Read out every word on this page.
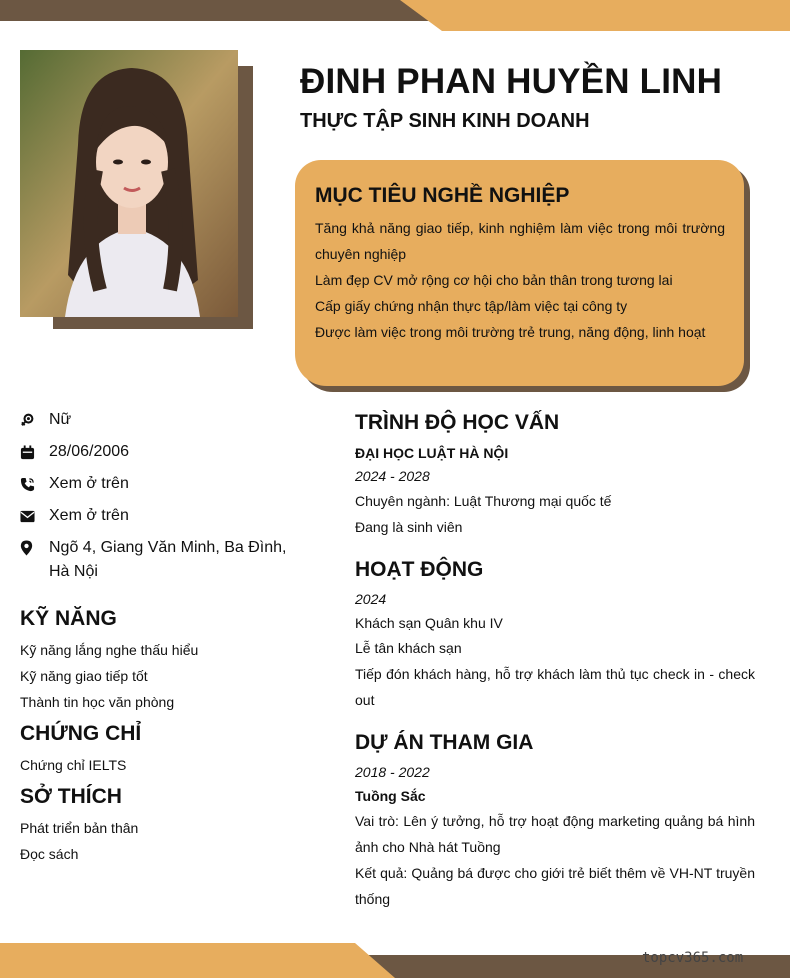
topcv365.com
ĐINH PHAN HUYỀN LINH
THỰC TẬP SINH KINH DOANH
MỤC TIÊU NGHỀ NGHIỆP
Tăng khả năng giao tiếp, kinh nghiệm làm việc trong môi trường chuyên nghiệp
Làm đẹp CV mở rộng cơ hội cho bản thân trong tương lai
Cấp giấy chứng nhận thực tập/làm việc tại công ty
Được làm việc trong môi trường trẻ trung, năng động, linh hoạt
Nữ
28/06/2006
Xem ở trên
Xem ở trên
Ngõ 4, Giang Văn Minh, Ba Đình, Hà Nội
KỸ NĂNG
Kỹ năng lắng nghe thấu hiểu
Kỹ năng giao tiếp tốt
Thành tin học văn phòng
CHỨNG CHỈ
Chứng chỉ IELTS
SỞ THÍCH
Phát triển bản thân
Đọc sách
TRÌNH ĐỘ HỌC VẤN
ĐẠI HỌC LUẬT HÀ NỘI
2024 - 2028
Chuyên ngành: Luật Thương mại quốc tế
Đang là sinh viên
HOẠT ĐỘNG
2024
Khách sạn Quân khu IV
Lễ tân khách sạn
Tiếp đón khách hàng, hỗ trợ khách làm thủ tục check in - check out
DỰ ÁN THAM GIA
2018 - 2022
Tuồng Sắc
Vai trò: Lên ý tưởng, hỗ trợ hoạt động marketing quảng bá hình ảnh cho Nhà hát Tuồng
Kết quả: Quảng bá được cho giới trẻ biết thêm về VH-NT truyền thống
